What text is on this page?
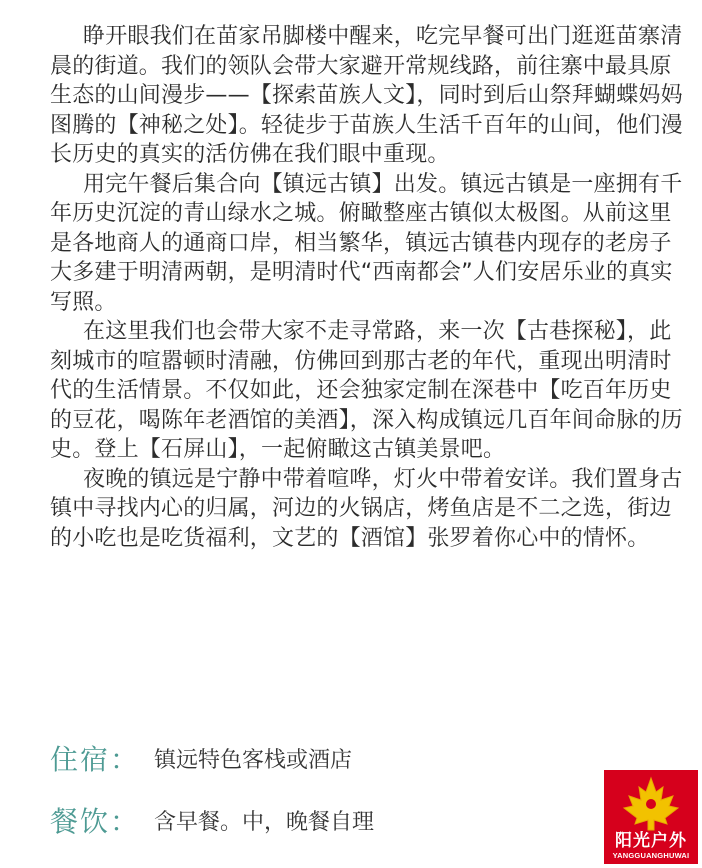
睁开眼我们在苗家吊脚楼中醒来，吃完早餐可出门逛逛苗寨清晨的街道。我们的领队会带大家避开常规线路，前往寨中最具原生态的山间漫步——【探索苗族人文】，同时到后山祭拜蝴蝶妈妈图腾的【神秘之处】。轻徒步于苗族人生活千百年的山间，他们漫长历史的真实的活仿佛在我们眼中重现。

用完午餐后集合向【镇远古镇】出发。镇远古镇是一座拥有千年历史沉淀的青山绿水之城。俯瞰整座古镇似太极图。从前这里是各地商人的通商口岸，相当繁华，镇远古镇巷内现存的老房子大多建于明清两朝，是明清时代“西南都会”人们安居乐业的真实写照。

在这里我们也会带大家不走寻常路，来一次【古巷探秘】，此刻城市的喧嚣顿时清融，仿佛回到那古老的年代，重现出明清时代的生活情景。不仅如此，还会独家定制在深巷中【吃百年历史的豆花，喝陈年老酒馆的美酒】，深入构成镇远几百年间命脉的历史。登上【石屏山】，一起俯瞰这古镇美景吧。

夜晚的镇远是宁静中带着喧哗，灯火中带着安详。我们置身古镇中寻找内心的归属，河边的火锅店，烤鱼店是不二之选，街边的小吃也是吃货福利，文艺的【酒馆】张罗着你心中的情怀。

住宿： 镇远特色客栈或酒店
餐饮： 含早餐。中，晚餐自理
阳光户外
YANGGUANGHUWAI
